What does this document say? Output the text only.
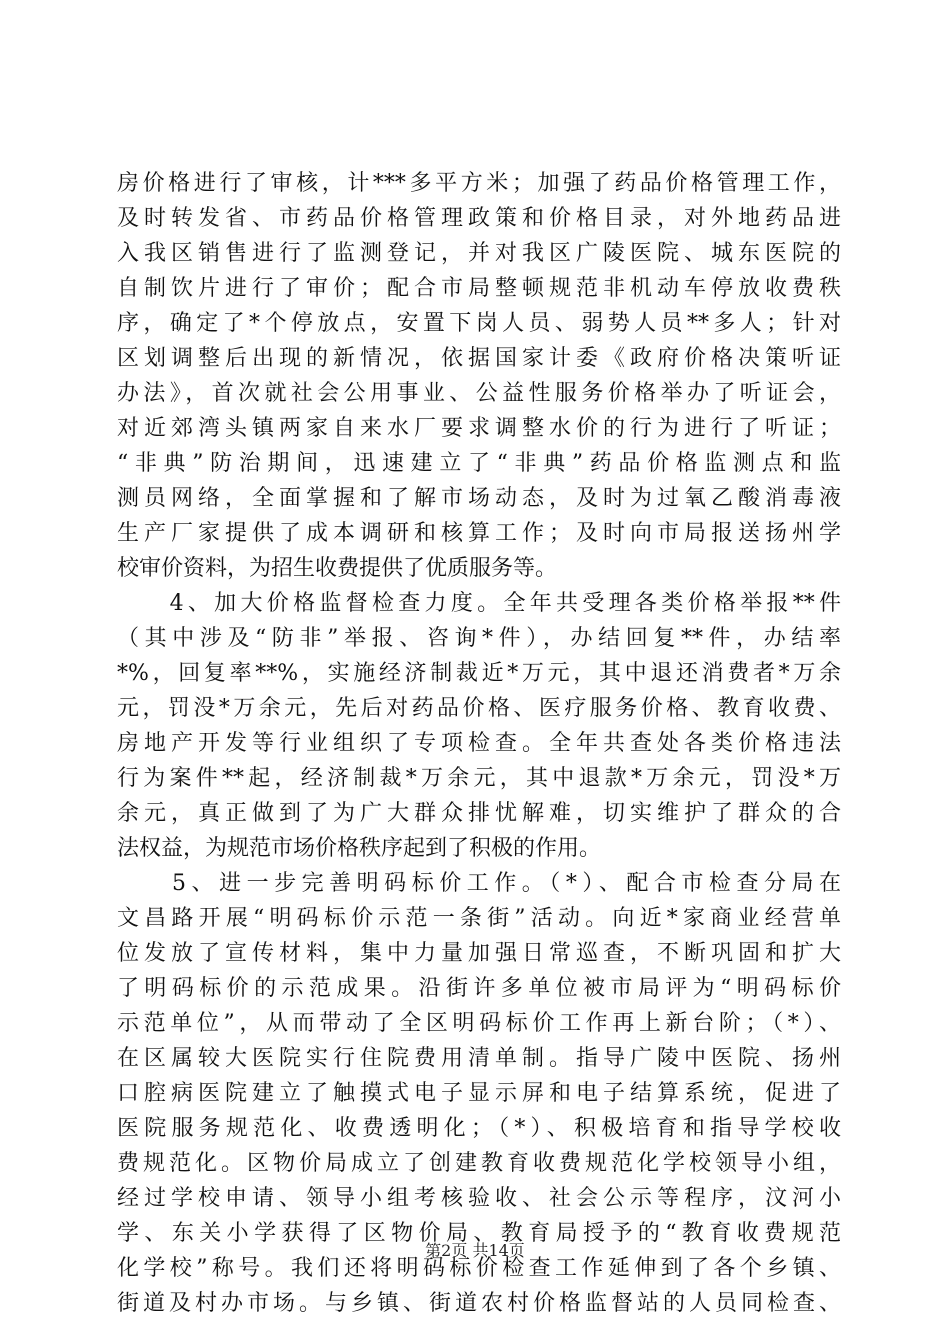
房价格进行了审核，计***多平方米；加强了药品价格管理工作，
及时转发省、市药品价格管理政策和价格目录，对外地药品进
入我区销售进行了监测登记，并对我区广陵医院、城东医院的
自制饮片进行了审价；配合市局整顿规范非机动车停放收费秩
序，确定了*个停放点，安置下岗人员、弱势人员**多人；针对
区划调整后出现的新情况，依据国家计委《政府价格决策听证
办法》，首次就社会公用事业、公益性服务价格举办了听证会，
对近郊湾头镇两家自来水厂要求调整水价的行为进行了听证；
“非典”防治期间，迅速建立了“非典”药品价格监测点和监
测员网络，全面掌握和了解市场动态，及时为过氧乙酸消毒液
生产厂家提供了成本调研和核算工作；及时向市局报送扬州学
校审价资料，为招生收费提供了优质服务等。
　　4、加大价格监督检查力度。全年共受理各类价格举报**件
（其中涉及“防非”举报、咨询*件），办结回复**件，办结率
*%，回复率**%，实施经济制裁近*万元，其中退还消费者*万余
元，罚没*万余元，先后对药品价格、医疗服务价格、教育收费、
房地产开发等行业组织了专项检查。全年共查处各类价格违法
行为案件**起，经济制裁*万余元，其中退款*万余元，罚没*万
余元，真正做到了为广大群众排忧解难，切实维护了群众的合
法权益，为规范市场价格秩序起到了积极的作用。
　　5、进一步完善明码标价工作。（*）、配合市检查分局在
文昌路开展“明码标价示范一条街”活动。向近*家商业经营单
位发放了宣传材料，集中力量加强日常巡查，不断巩固和扩大
了明码标价的示范成果。沿街许多单位被市局评为“明码标价
示范单位”，从而带动了全区明码标价工作再上新台阶；（*）、
在区属较大医院实行住院费用清单制。指导广陵中医院、扬州
口腔病医院建立了触摸式电子显示屏和电子结算系统，促进了
医院服务规范化、收费透明化；（*）、积极培育和指导学校收
费规范化。区物价局成立了创建教育收费规范化学校领导小组，
经过学校申请、领导小组考核验收、社会公示等程序，汶河小
学、东关小学获得了区物价局、教育局授予的“教育收费规范
化学校”称号。我们还将明码标价检查工作延伸到了各个乡镇、
街道及村办市场。与乡镇、街道农村价格监督站的人员同检查、
第2页 共14页
